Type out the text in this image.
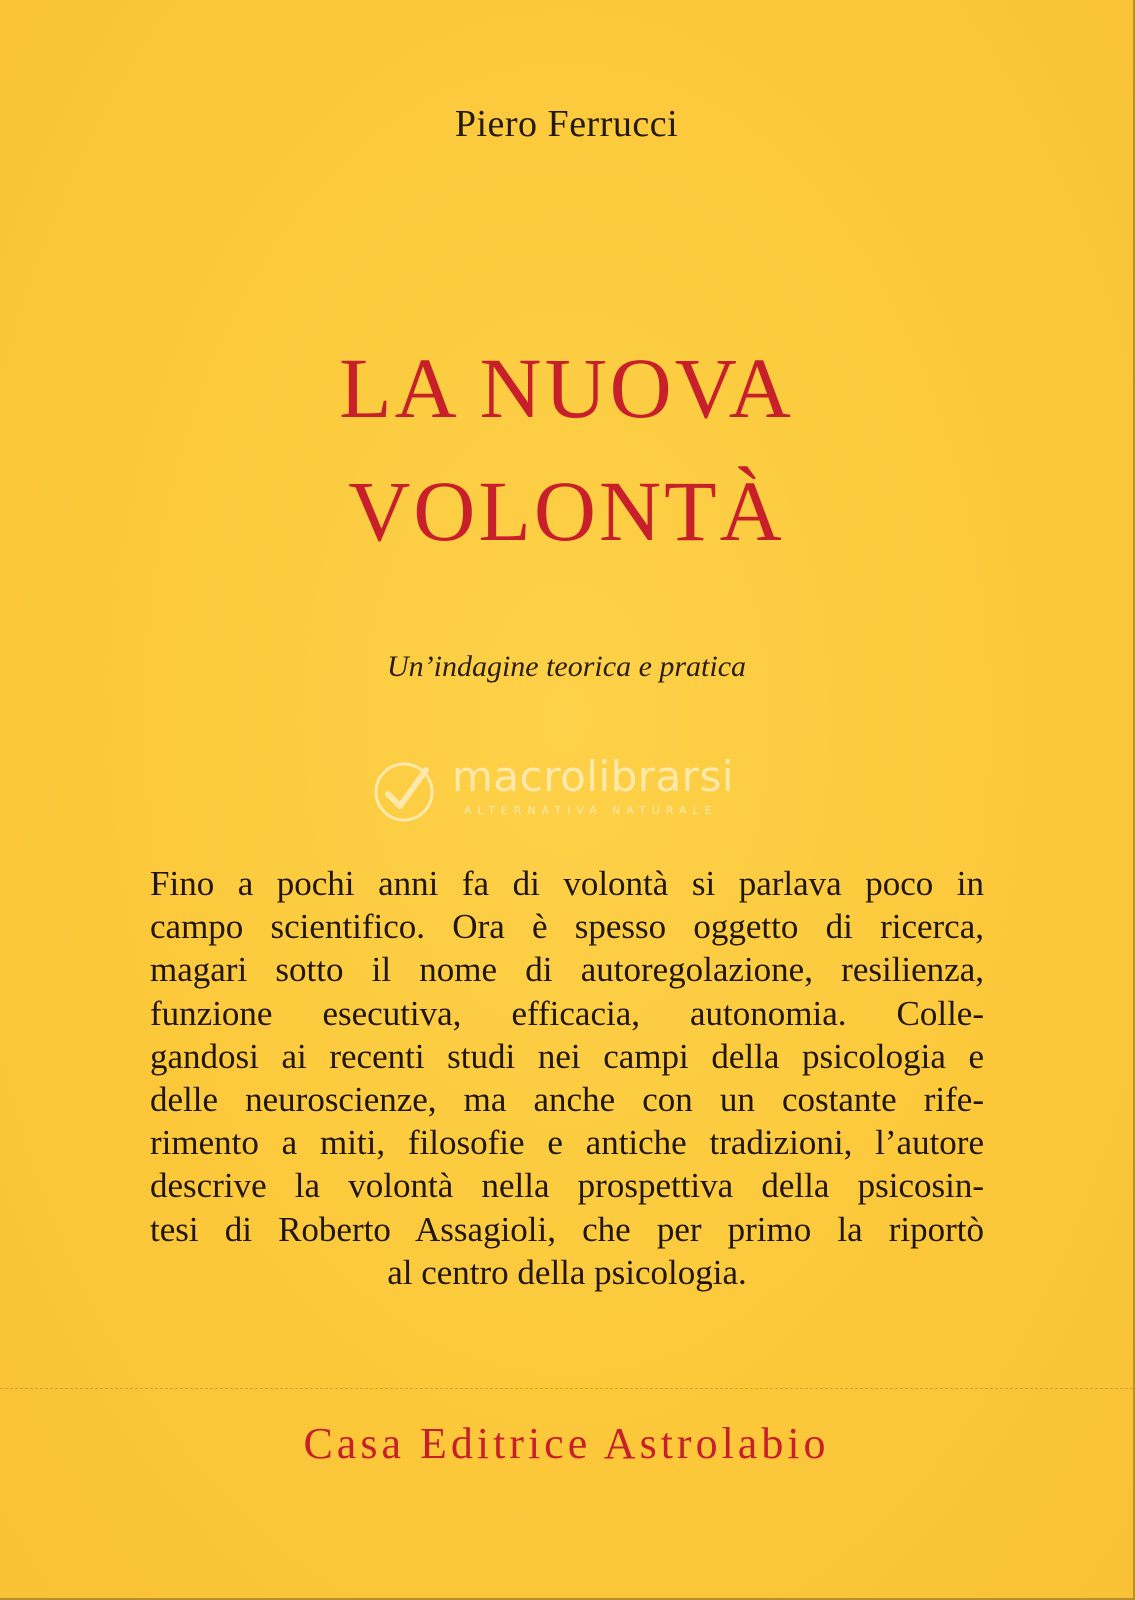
Piero Ferrucci
LA NUOVA
VOLONTÀ
Un’indagine teorica e pratica
macrolibrarsi
ALTERNATIVA NATURALE
Fino a pochi anni fa di volontà si parlava poco in
campo scientifico. Ora è spesso oggetto di ricerca,
magari sotto il nome di autoregolazione, resilienza,
funzione esecutiva, efficacia, autonomia. Colle-
gandosi ai recenti studi nei campi della psicologia e
delle neuroscienze, ma anche con un costante rife-
rimento a miti, filosofie e antiche tradizioni, l’autore
descrive la volontà nella prospettiva della psicosin-
tesi di Roberto Assagioli, che per primo la riportò
al centro della psicologia.
Casa Editrice Astrolabio
